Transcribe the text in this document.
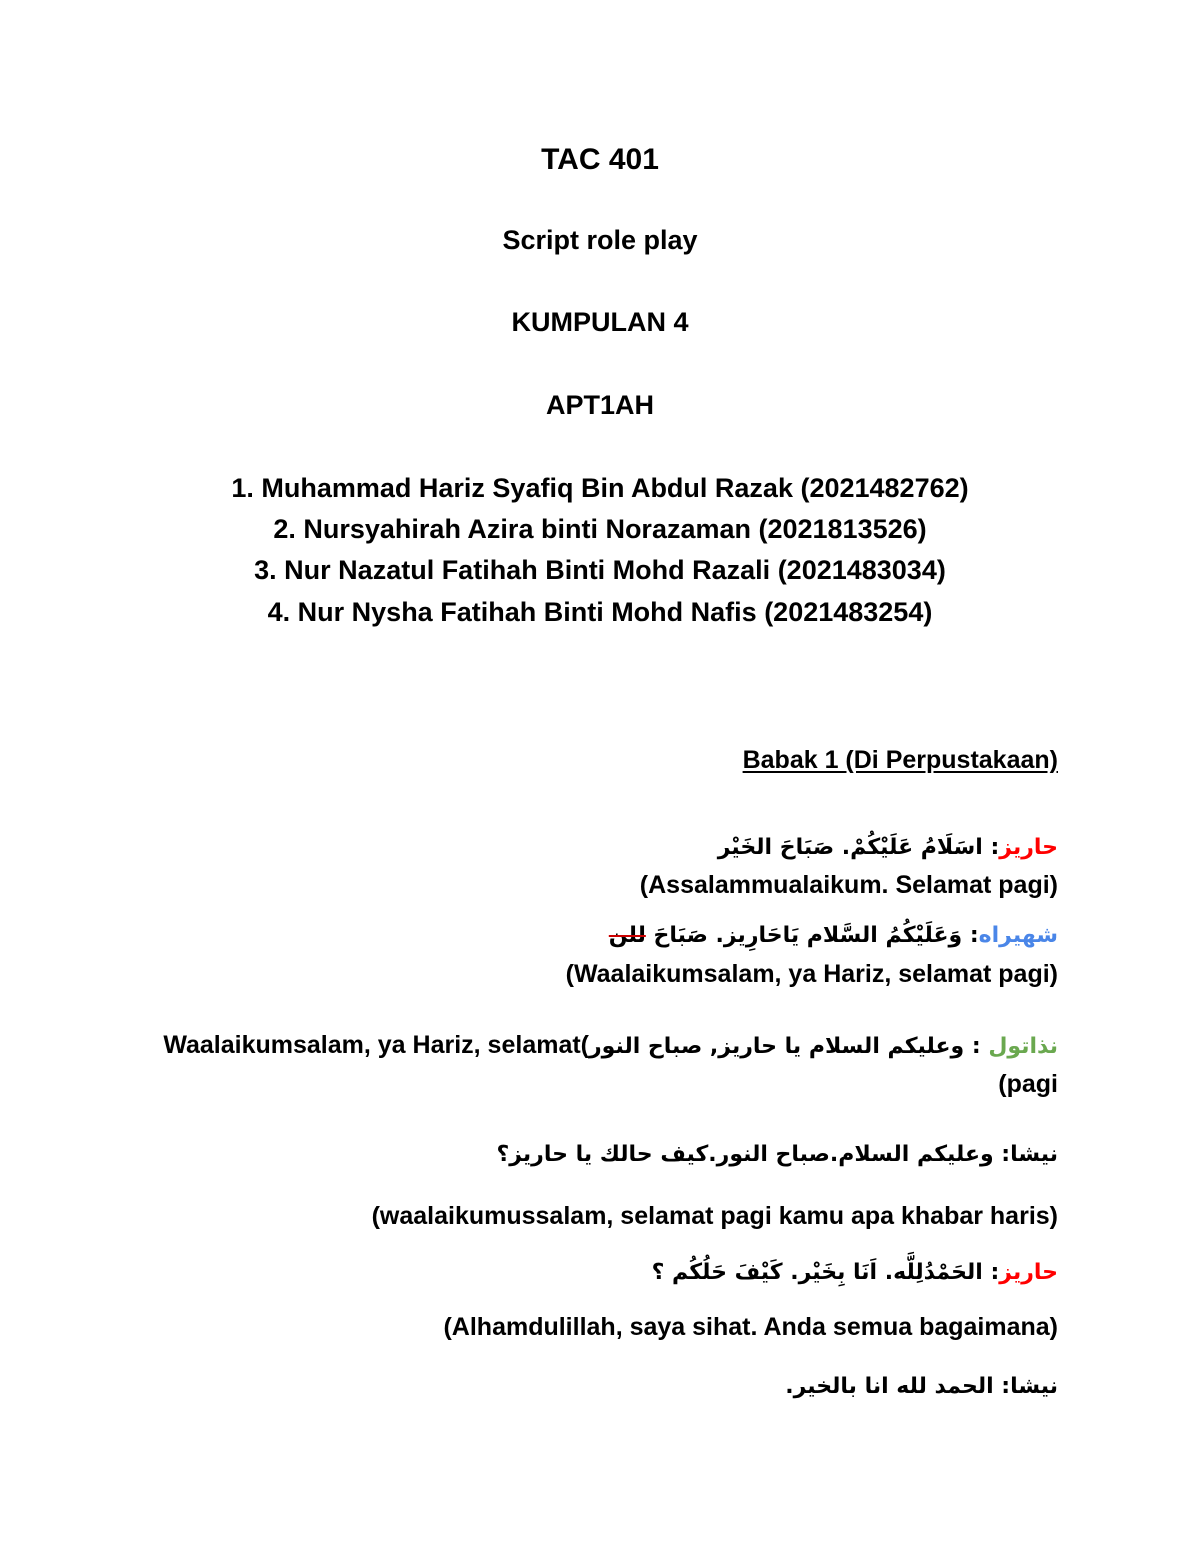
TAC 401
Script role play
KUMPULAN 4
APT1AH
1. Muhammad Hariz Syafiq Bin Abdul Razak (2021482762)
2. Nursyahirah Azira binti Norazaman (2021813526)
3. Nur Nazatul Fatihah Binti Mohd Razali (2021483034)
4. Nur Nysha Fatihah Binti Mohd Nafis (2021483254)
Babak 1 (Di Perpustakaan)
حاريز: اسَلَامُ عَلَيْكُمْ. صَبَاحَ الخَيْر
(Assalammualaikum. Selamat pagi)
شهيراه: وَعَلَيْكُمُ السَّلام يَاحَارِيز. صَبَاحَ للن
(Waalaikumsalam, ya Hariz, selamat pagi)
Waalaikumsalam, ya Hariz, selamat( : وعليكم السلام يا حاريز, صباح النورنذاتول
(pagi
نيشا: وعليكم السلام.صباح النور.كيف حالك يا حاريز؟
(waalaikumussalam, selamat pagi kamu apa khabar haris)
حاريز: الحَمْدُلِلَّه. اَنَا بِخَيْر. كَيْفَ حَلُكُم ؟
(Alhamdulillah, saya sihat. Anda semua bagaimana)
نيشا: الحمد لله انا بالخير.
